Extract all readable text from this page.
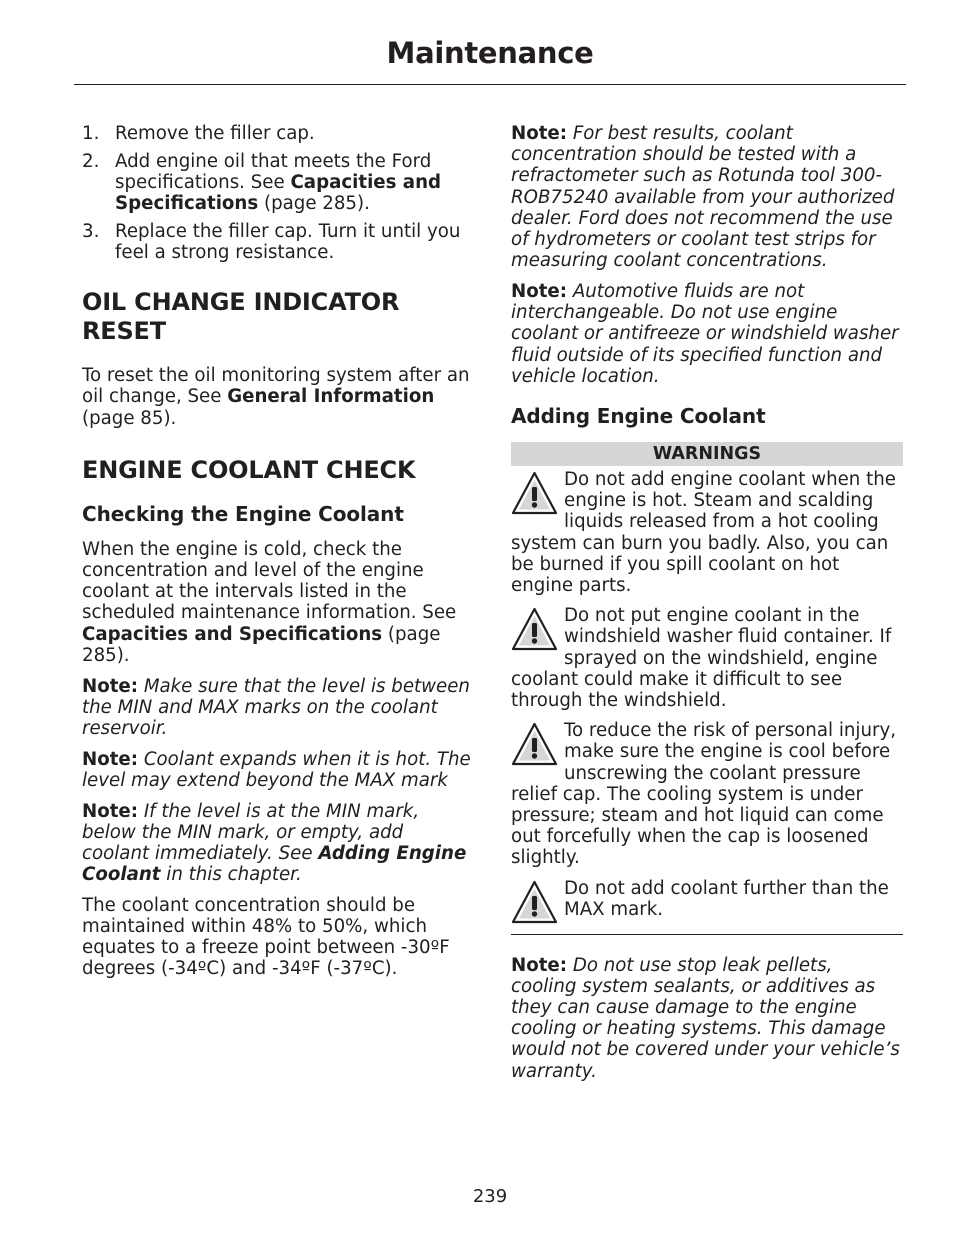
Maintenance
1. Remove the filler cap.
2. Add engine oil that meets the Ford specifications. See Capacities and Specifications (page 285).
3. Replace the filler cap. Turn it until you feel a strong resistance.
OIL CHANGE INDICATOR RESET

To reset the oil monitoring system after an oil change, See General Information (page 85).

ENGINE COOLANT CHECK
Checking the Engine Coolant

When the engine is cold, check the concentration and level of the engine coolant at the intervals listed in the scheduled maintenance information. See Capacities and Specifications (page 285).

Note: Make sure that the level is between the MIN and MAX marks on the coolant reservoir.

Note: Coolant expands when it is hot. The level may extend beyond the MAX mark

Note: If the level is at the MIN mark, below the MIN mark, or empty, add coolant immediately. See Adding Engine Coolant in this chapter.

The coolant concentration should be maintained within 48% to 50%, which equates to a freeze point between -30ºF degrees (-34ºC) and -34ºF (-37ºC).

Note: For best results, coolant concentration should be tested with a refractometer such as Rotunda tool 300-ROB75240 available from your authorized dealer. Ford does not recommend the use of hydrometers or coolant test strips for measuring coolant concentrations.

Note: Automotive fluids are not interchangeable. Do not use engine coolant or antifreeze or windshield washer fluid outside of its specified function and vehicle location.

Adding Engine Coolant
WARNINGS
Do not add engine coolant when the engine is hot. Steam and scalding liquids released from a hot cooling system can burn you badly. Also, you can be burned if you spill coolant on hot engine parts.
Do not put engine coolant in the windshield washer fluid container. If sprayed on the windshield, engine coolant could make it difficult to see through the windshield.
To reduce the risk of personal injury, make sure the engine is cool before unscrewing the coolant pressure relief cap. The cooling system is under pressure; steam and hot liquid can come out forcefully when the cap is loosened slightly.
Do not add coolant further than the MAX mark.

Note: Do not use stop leak pellets, cooling system sealants, or additives as they can cause damage to the engine cooling or heating systems. This damage would not be covered under your vehicle’s warranty.

239
